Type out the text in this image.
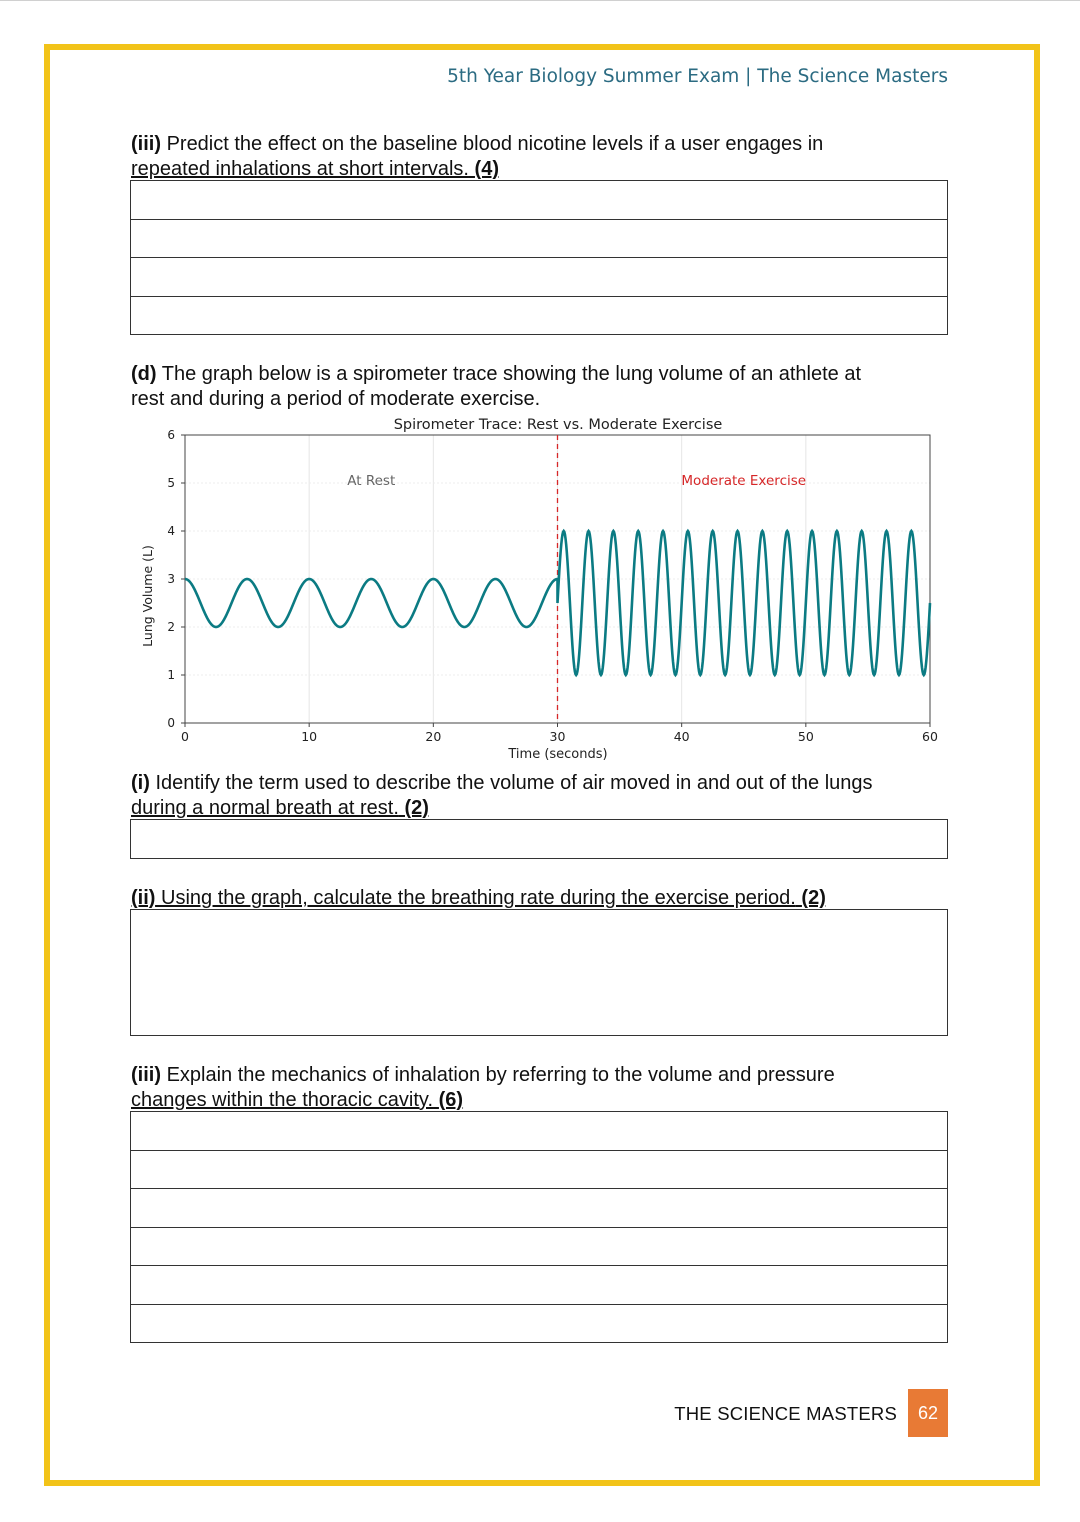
5th Year Biology Summer Exam | The Science Masters
(iii) Predict the effect on the baseline blood nicotine levels if a user engages in
repeated inhalations at short intervals. (4)
(d) The graph below is a spirometer trace showing the lung volume of an athlete at
rest and during a period of moderate exercise.
Spirometer Trace: Rest vs. Moderate Exercise
0	10	20	30	40	50	60
0
1
2
3
4
5
6
Lung Volume (L)
Time (seconds)
At Rest	Moderate Exercise
(i) Identify the term used to describe the volume of air moved in and out of the lungs
during a normal breath at rest. (2)
(ii) Using the graph, calculate the breathing rate during the exercise period. (2)
(iii) Explain the mechanics of inhalation by referring to the volume and pressure
changes within the thoracic cavity. (6)
THE SCIENCE MASTERS	62
